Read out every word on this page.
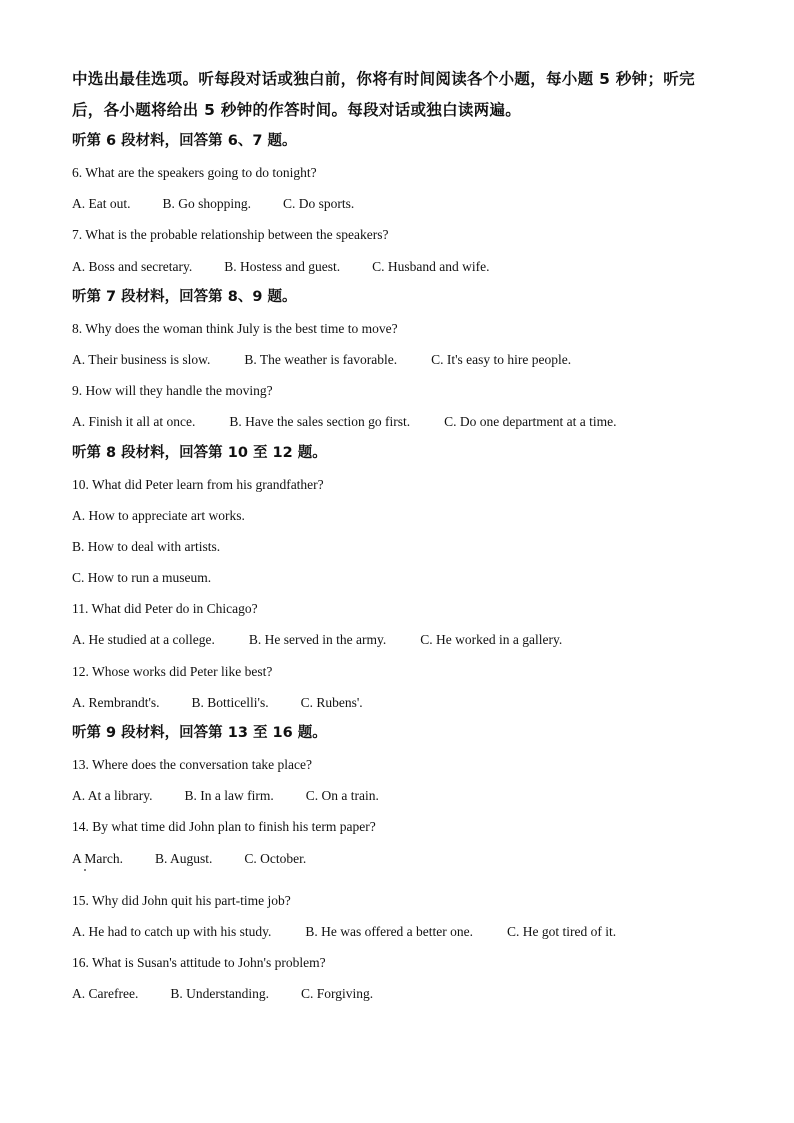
中选出最佳选项。听每段对话或独白前，你将有时间阅读各个小题，每小题 5 秒钟；听完
后，各小题将给出 5 秒钟的作答时间。每段对话或独白读两遍。
听第 6 段材料，回答第 6、7 题。
6. What are the speakers going to do tonight?
A. Eat out. B. Go shopping. C. Do sports.
7. What is the probable relationship between the speakers?
A. Boss and secretary. B. Hostess and guest. C. Husband and wife.
听第 7 段材料，回答第 8、9 题。
8. Why does the woman think July is the best time to move?
A. Their business is slow.	B. The weather is favorable.	C. It's easy to hire people.
9. How will they handle the moving?
A. Finish it all at once.	B. Have the sales section go first.	C. Do one department at a time.
听第 8 段材料，回答第 10 至 12 题。
10. What did Peter learn from his grandfather?
A. How to appreciate art works.
B. How to deal with artists.
C. How to run a museum.
11. What did Peter do in Chicago?
A. He studied at a college.	B. He served in the army.	C. He worked in a gallery.
12. Whose works did Peter like best?
A. Rembrandt's. B. Botticelli's. C. Rubens'.
听第 9 段材料，回答第 13 至 16 题。
13. Where does the conversation take place?
A. At a library. B. In a law firm. C. On a train.
14. By what time did John plan to finish his term paper?
A March. B. August. C. October.
15. Why did John quit his part-time job?
A. He had to catch up with his study.	B. He was offered a better one.	C. He got tired of it.
16. What is Susan's attitude to John's problem?
A. Carefree. B. Understanding. C. Forgiving.
